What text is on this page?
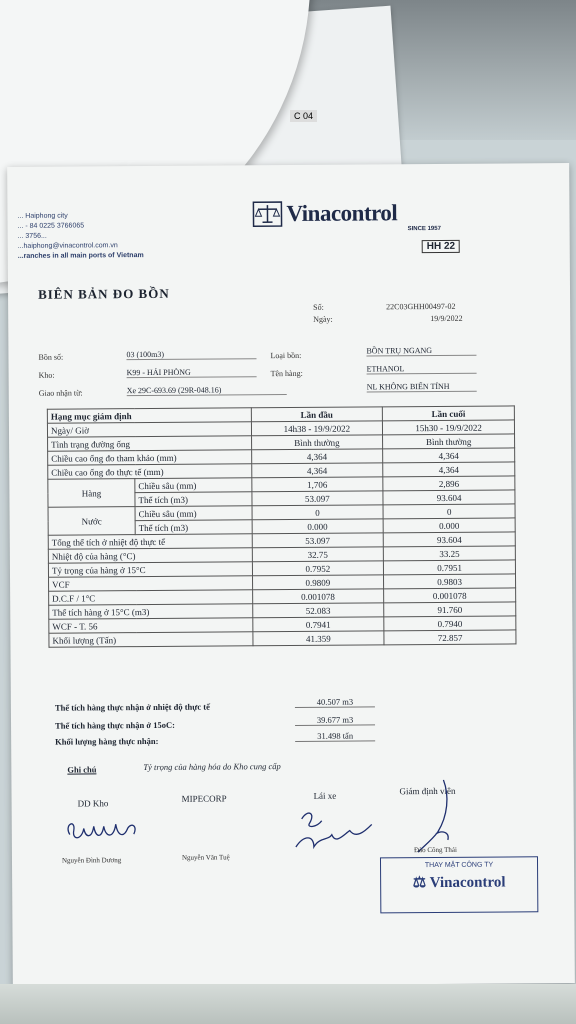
C 04
... Haiphong city
... - 84 0225 3766065
... 3756...
...haiphong@vinacontrol.com.vn
...ranches in all main ports of Vietnam
Vinacontrol
SINCE 1957
HH 22
BIÊN BẢN ĐO BỒN
Số:	22C03GHH00497-02
Ngày:	19/9/2022
Bồn số:	03 (100m3)
Kho:	K99 - HẢI PHÒNG
Giao nhận từ:	Xe 29C-693.69 (29R-048.16)
Loại bồn:
BỒN TRỤ NGANG
Tên hàng:
ETHANOL
NL KHÔNG BIẾN TÍNH
Hạng mục giám định		Lần đầu	Lần cuối
Ngày/ Giờ		14h38 - 19/9/2022	15h30 - 19/9/2022
Tình trạng đường ống		Bình thường	Bình thường
Chiều cao ống đo tham khảo (mm)		4,364	4,364
Chiều cao ống đo thực tế (mm)		4,364	4,364
Hàng	Chiều sâu (mm)	1,706	2,896
	Thể tích (m3)	53.097	93.604
Nước	Chiều sâu (mm)	0	0
	Thể tích (m3)	0.000	0.000
Tổng thể tích ở nhiệt độ thực tế		53.097	93.604
Nhiệt độ của hàng (°C)		32.75	33.25
Tỷ trọng của hàng ở 15°C		0.7952	0.7951
VCF		0.9809	0.9803
D.C.F / 1°C		0.001078	0.001078
Thể tích hàng ở 15°C (m3)		52.083	91.760
WCF - T. 56		0.7941	0.7940
Khối lượng (Tấn)		41.359	72.857
Thể tích hàng thực nhận ở nhiệt độ thực tế	40.507 m3
Thể tích hàng thực nhận ở 15oC:
39.677 m3
Khối lượng hàng thực nhận:
31.498 tấn
Ghi chú	Tỷ trọng của hàng hóa do Kho cung cấp
DD Kho	MIPECORP	Lái xe	Giám định viên
Nguyễn Đình Dương	Nguyễn Văn Tuệ
Đào Công Thái
THAY MẶT CÔNG TY
⚖ Vinacontrol
